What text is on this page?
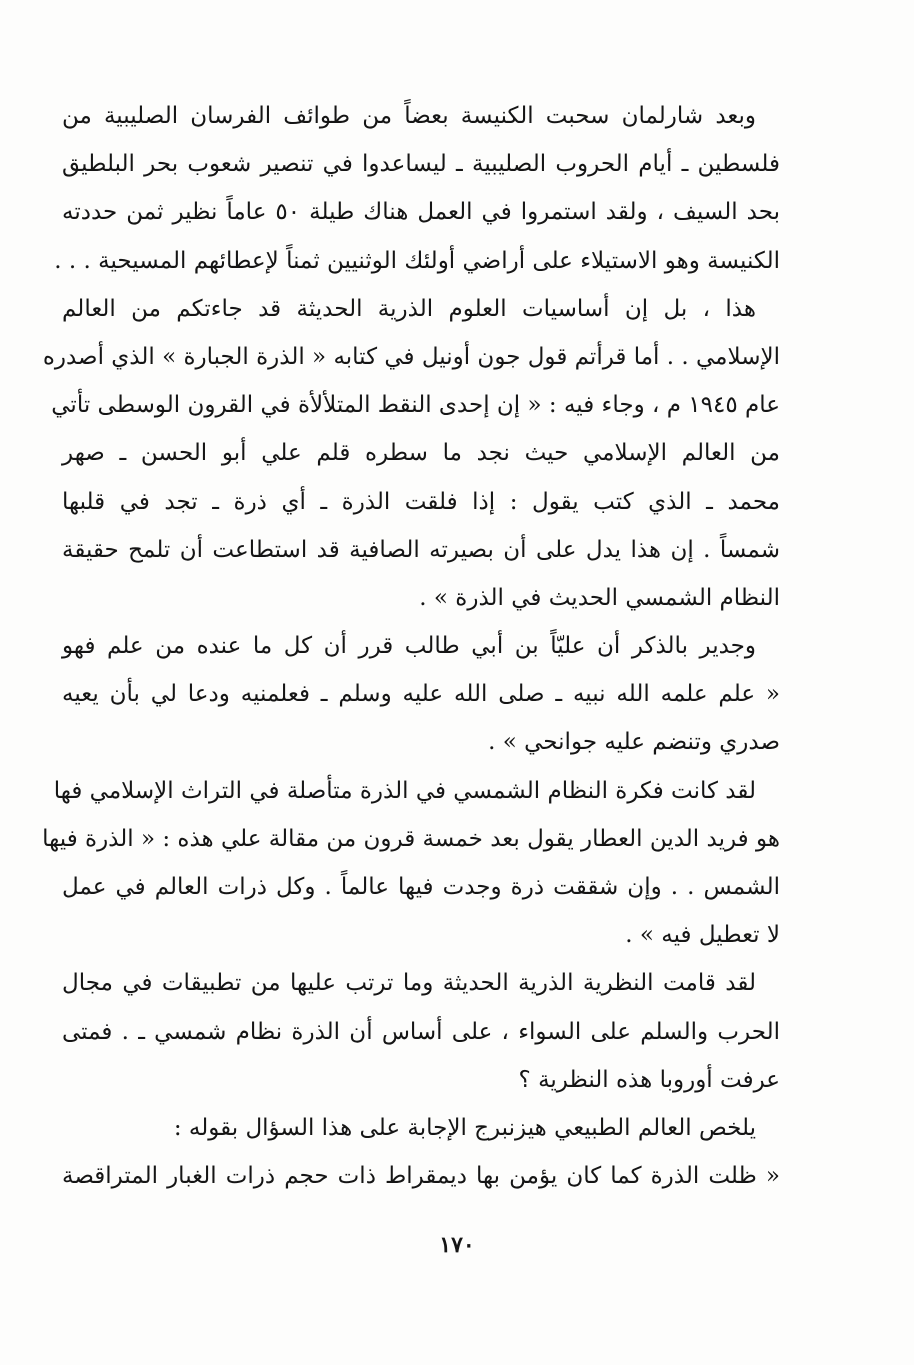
وبعد شارلمان سحبت الكنيسة بعضاً من طوائف الفرسان الصليبية من
فلسطين ـ أيام الحروب الصليبية ـ ليساعدوا في تنصير شعوب بحر البلطيق
بحد السيف ، ولقد استمروا في العمل هناك طيلة ٥٠ عاماً نظير ثمن حددته
الكنيسة وهو الاستيلاء على أراضي أولئك الوثنيين ثمناً لإعطائهم المسيحية . . .
هذا ، بل إن أساسيات العلوم الذرية الحديثة قد جاءتكم من العالم
الإسلامي . . أما قرأتم قول جون أونيل في كتابه « الذرة الجبارة » الذي أصدره
عام ١٩٤٥ م ، وجاء فيه : « إن إحدى النقط المتلألأة في القرون الوسطى تأتي
من العالم الإسلامي حيث نجد ما سطره قلم علي أبو الحسن ـ صهر
محمد ـ الذي كتب يقول : إذا فلقت الذرة ـ أي ذرة ـ تجد في قلبها
شمساً . إن هذا يدل على أن بصيرته الصافية قد استطاعت أن تلمح حقيقة
النظام الشمسي الحديث في الذرة » .
وجدير بالذكر أن عليّاً بن أبي طالب قرر أن كل ما عنده من علم فهو
« علم علمه الله نبيه ـ صلى الله عليه وسلم ـ فعلمنيه ودعا لي بأن يعيه
صدري وتنضم عليه جوانحي » .
لقد كانت فكرة النظام الشمسي في الذرة متأصلة في التراث الإسلامي فها
هو فريد الدين العطار يقول بعد خمسة قرون من مقالة علي هذه : « الذرة فيها
الشمس . . وإن شققت ذرة وجدت فيها عالماً . وكل ذرات العالم في عمل
لا تعطيل فيه » .
لقد قامت النظرية الذرية الحديثة وما ترتب عليها من تطبيقات في مجال
الحرب والسلم على السواء ، على أساس أن الذرة نظام شمسي ـ . فمتى
عرفت أوروبا هذه النظرية ؟
يلخص العالم الطبيعي هيزنبرج الإجابة على هذا السؤال بقوله :
« ظلت الذرة كما كان يؤمن بها ديمقراط ذات حجم ذرات الغبار المتراقصة
١٧٠
